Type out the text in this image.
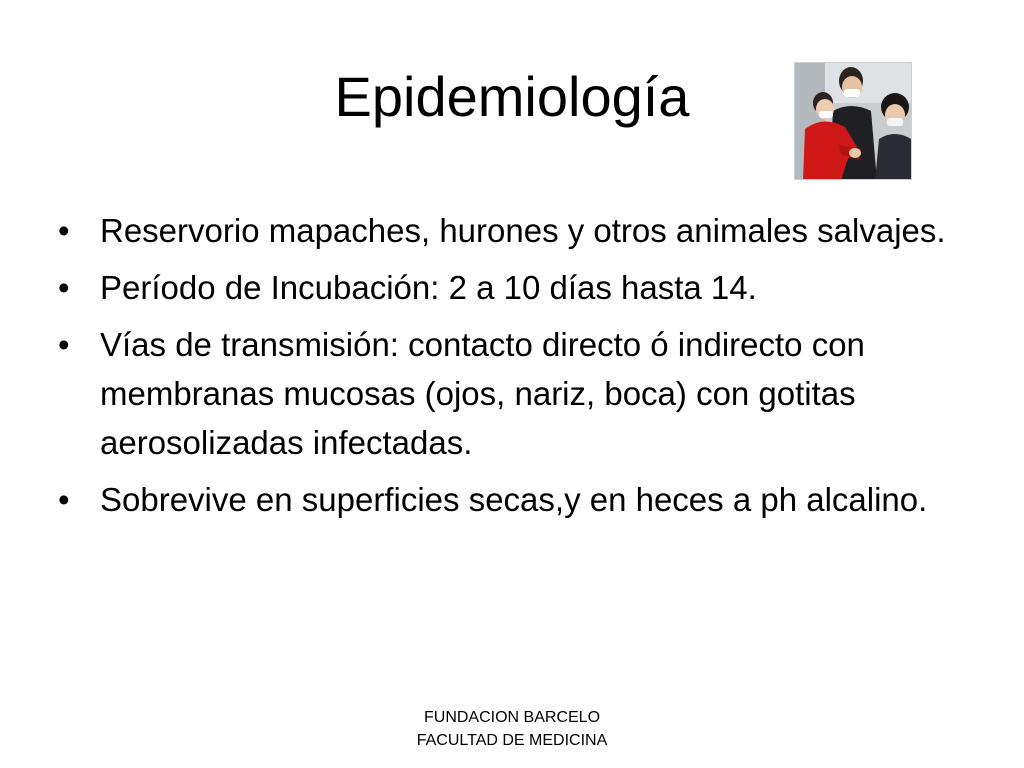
Epidemiología
• Reservorio mapaches, hurones y otros animales salvajes.
• Período de Incubación: 2 a 10 días hasta 14.
• Vías de transmisión: contacto directo ó indirecto con membranas mucosas (ojos, nariz, boca) con gotitas aerosolizadas infectadas.
• Sobrevive en superficies secas,y en heces a ph alcalino.
FUNDACION BARCELO
FACULTAD DE MEDICINA
